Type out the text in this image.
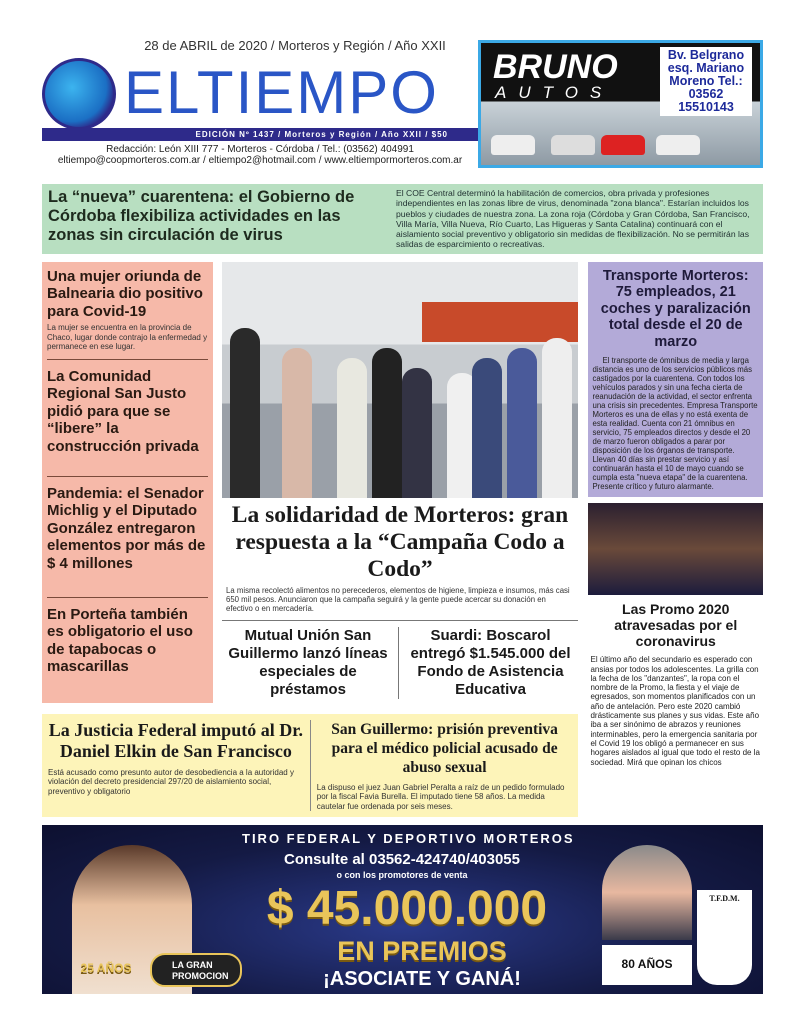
28 de ABRIL de 2020 / Morteros y Región / Año XXII
ELTIEMPO
EDICIÓN Nº 1437 / Morteros y Región / Año XXII / $50
Redacción: León XIII 777 - Morteros - Córdoba / Tel.: (03562) 404991
eltiempo@coopmorteros.com.ar / eltiempo2@hotmail.com / www.eltiempormorteros.com.ar
BRUNO
AUTOS
Bv. Belgrano esq. Mariano Moreno Tel.: 03562 15510143
La “nueva” cuarentena: el Gobierno de Córdoba flexibiliza actividades en las zonas sin circulación de virus

El COE Central determinó la habilitación de comercios, obra privada y profesiones independientes en las zonas libre de virus, denominada "zona blanca". Estarían incluidos los pueblos y ciudades de nuestra zona. La zona roja (Córdoba y Gran Córdoba, San Francisco, Villa María, Villa Nueva, Río Cuarto, Las Higueras y Santa Catalina) continuará con el aislamiento social preventivo y obligatorio sin medidas de flexibilización. No se permitirán las salidas de esparcimiento o recreativas.

Una mujer oriunda de Balnearia dio positivo para Covid-19

La mujer se encuentra en la provincia de Chaco, lugar donde contrajo la enfermedad y permanece en ese lugar.

La Comunidad Regional San Justo pidió para que se “libere” la construcción privada
Pandemia: el Senador Michlig y el Diputado González entregaron elementos por más de $ 4 millones
En Porteña también es obligatorio el uso de tapabocas o mascarillas
La solidaridad de Morteros: gran respuesta a la “Campaña Codo a Codo”
La misma recolectó alimentos no perecederos, elementos de higiene, limpieza e insumos, más casi 650 mil pesos. Anunciaron que la campaña seguirá y la gente puede acercar su donación en efectivo o en mercadería.
Mutual Unión San Guillermo lanzó líneas especiales de préstamos
Suardi: Boscarol entregó $1.545.000 del Fondo de Asistencia Educativa
La Justicia Federal imputó al Dr. Daniel Elkin de San Francisco
Está acusado como presunto autor de desobediencia a la autoridad y violación del decreto presidencial 297/20 de aislamiento social, preventivo y obligatorio
San Guillermo: prisión preventiva para el médico policial acusado de abuso sexual
La dispuso el juez Juan Gabriel Peralta a raíz de un pedido formulado por la fiscal Favia Burella. El imputado tiene 58 años. La medida cautelar fue ordenada por seis meses.
Transporte Morteros: 75 empleados, 21 coches y paralización total desde el 20 de marzo

El transporte de ómnibus de media y larga distancia es uno de los servicios públicos más castigados por la cuarentena. Con todos los vehículos parados y sin una fecha cierta de reanudación de la actividad, el sector enfrenta una crisis sin precedentes. Empresa Transporte Morteros es una de ellas y no está exenta de esta realidad. Cuenta con 21 ómnibus en servicio, 75 empleados directos y desde el 20 de marzo fueron obligados a parar por disposición de los órganos de transporte. Llevan 40 días sin prestar servicio y así continuarán hasta el 10 de mayo cuando se cumpla esta "nueva etapa" de la cuarentena. Presente crítico y futuro alarmante.

Las Promo 2020 atravesadas por el coronavirus
El último año del secundario es esperado con ansias por todos los adolescentes. La grilla con la fecha de los "danzantes", la ropa con el nombre de la Promo, la fiesta y el viaje de egresados, son momentos planificados con un año de antelación. Pero este 2020 cambió drásticamente sus planes y sus vidas. Este año iba a ser sinónimo de abrazos y reuniones interminables, pero la emergencia sanitaria por el Covid 19 los obligó a permanecer en sus hogares aislados al igual que todo el resto de la sociedad. Mirá que opinan los chicos
TIRO FEDERAL Y DEPORTIVO MORTEROS
Consulte al 03562-424740/403055
o con los promotores de venta
$ 45.000.000
EN PREMIOS
¡ASOCIATE Y GANÁ!
25 AÑOS	LA GRAN PROMOCION
80 AÑOS
T.F.D.M.
